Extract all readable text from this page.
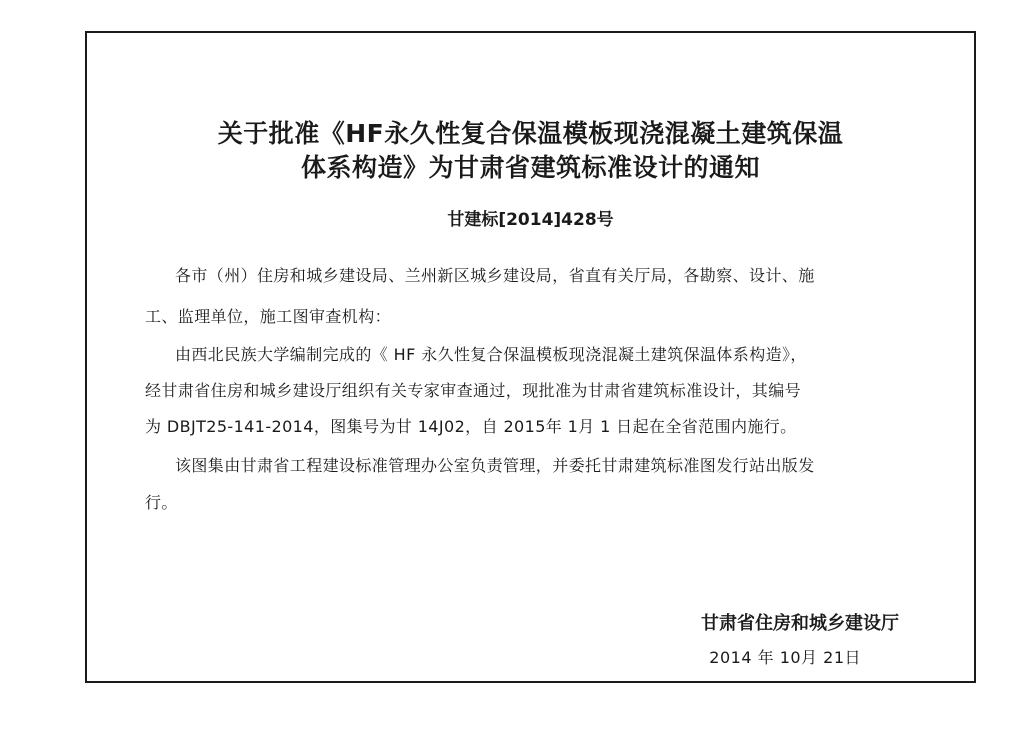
关于批准《HF永久性复合保温模板现浇混凝土建筑保温
体系构造》为甘肃省建筑标准设计的通知
甘建标[2014]428号
各市（州）住房和城乡建设局、兰州新区城乡建设局，省直有关厅局，各勘察、设计、施
工、监理单位，施工图审查机构：
由西北民族大学编制完成的《 HF 永久性复合保温模板现浇混凝土建筑保温体系构造》，
经甘肃省住房和城乡建设厅组织有关专家审查通过，现批准为甘肃省建筑标准设计，其编号
为 DBJT25-141-2014，图集号为甘 14J02，自 2015年 1月 1 日起在全省范围内施行。
该图集由甘肃省工程建设标准管理办公室负责管理，并委托甘肃建筑标准图发行站出版发
行。
甘肃省住房和城乡建设厅
2014 年 10月 21日
